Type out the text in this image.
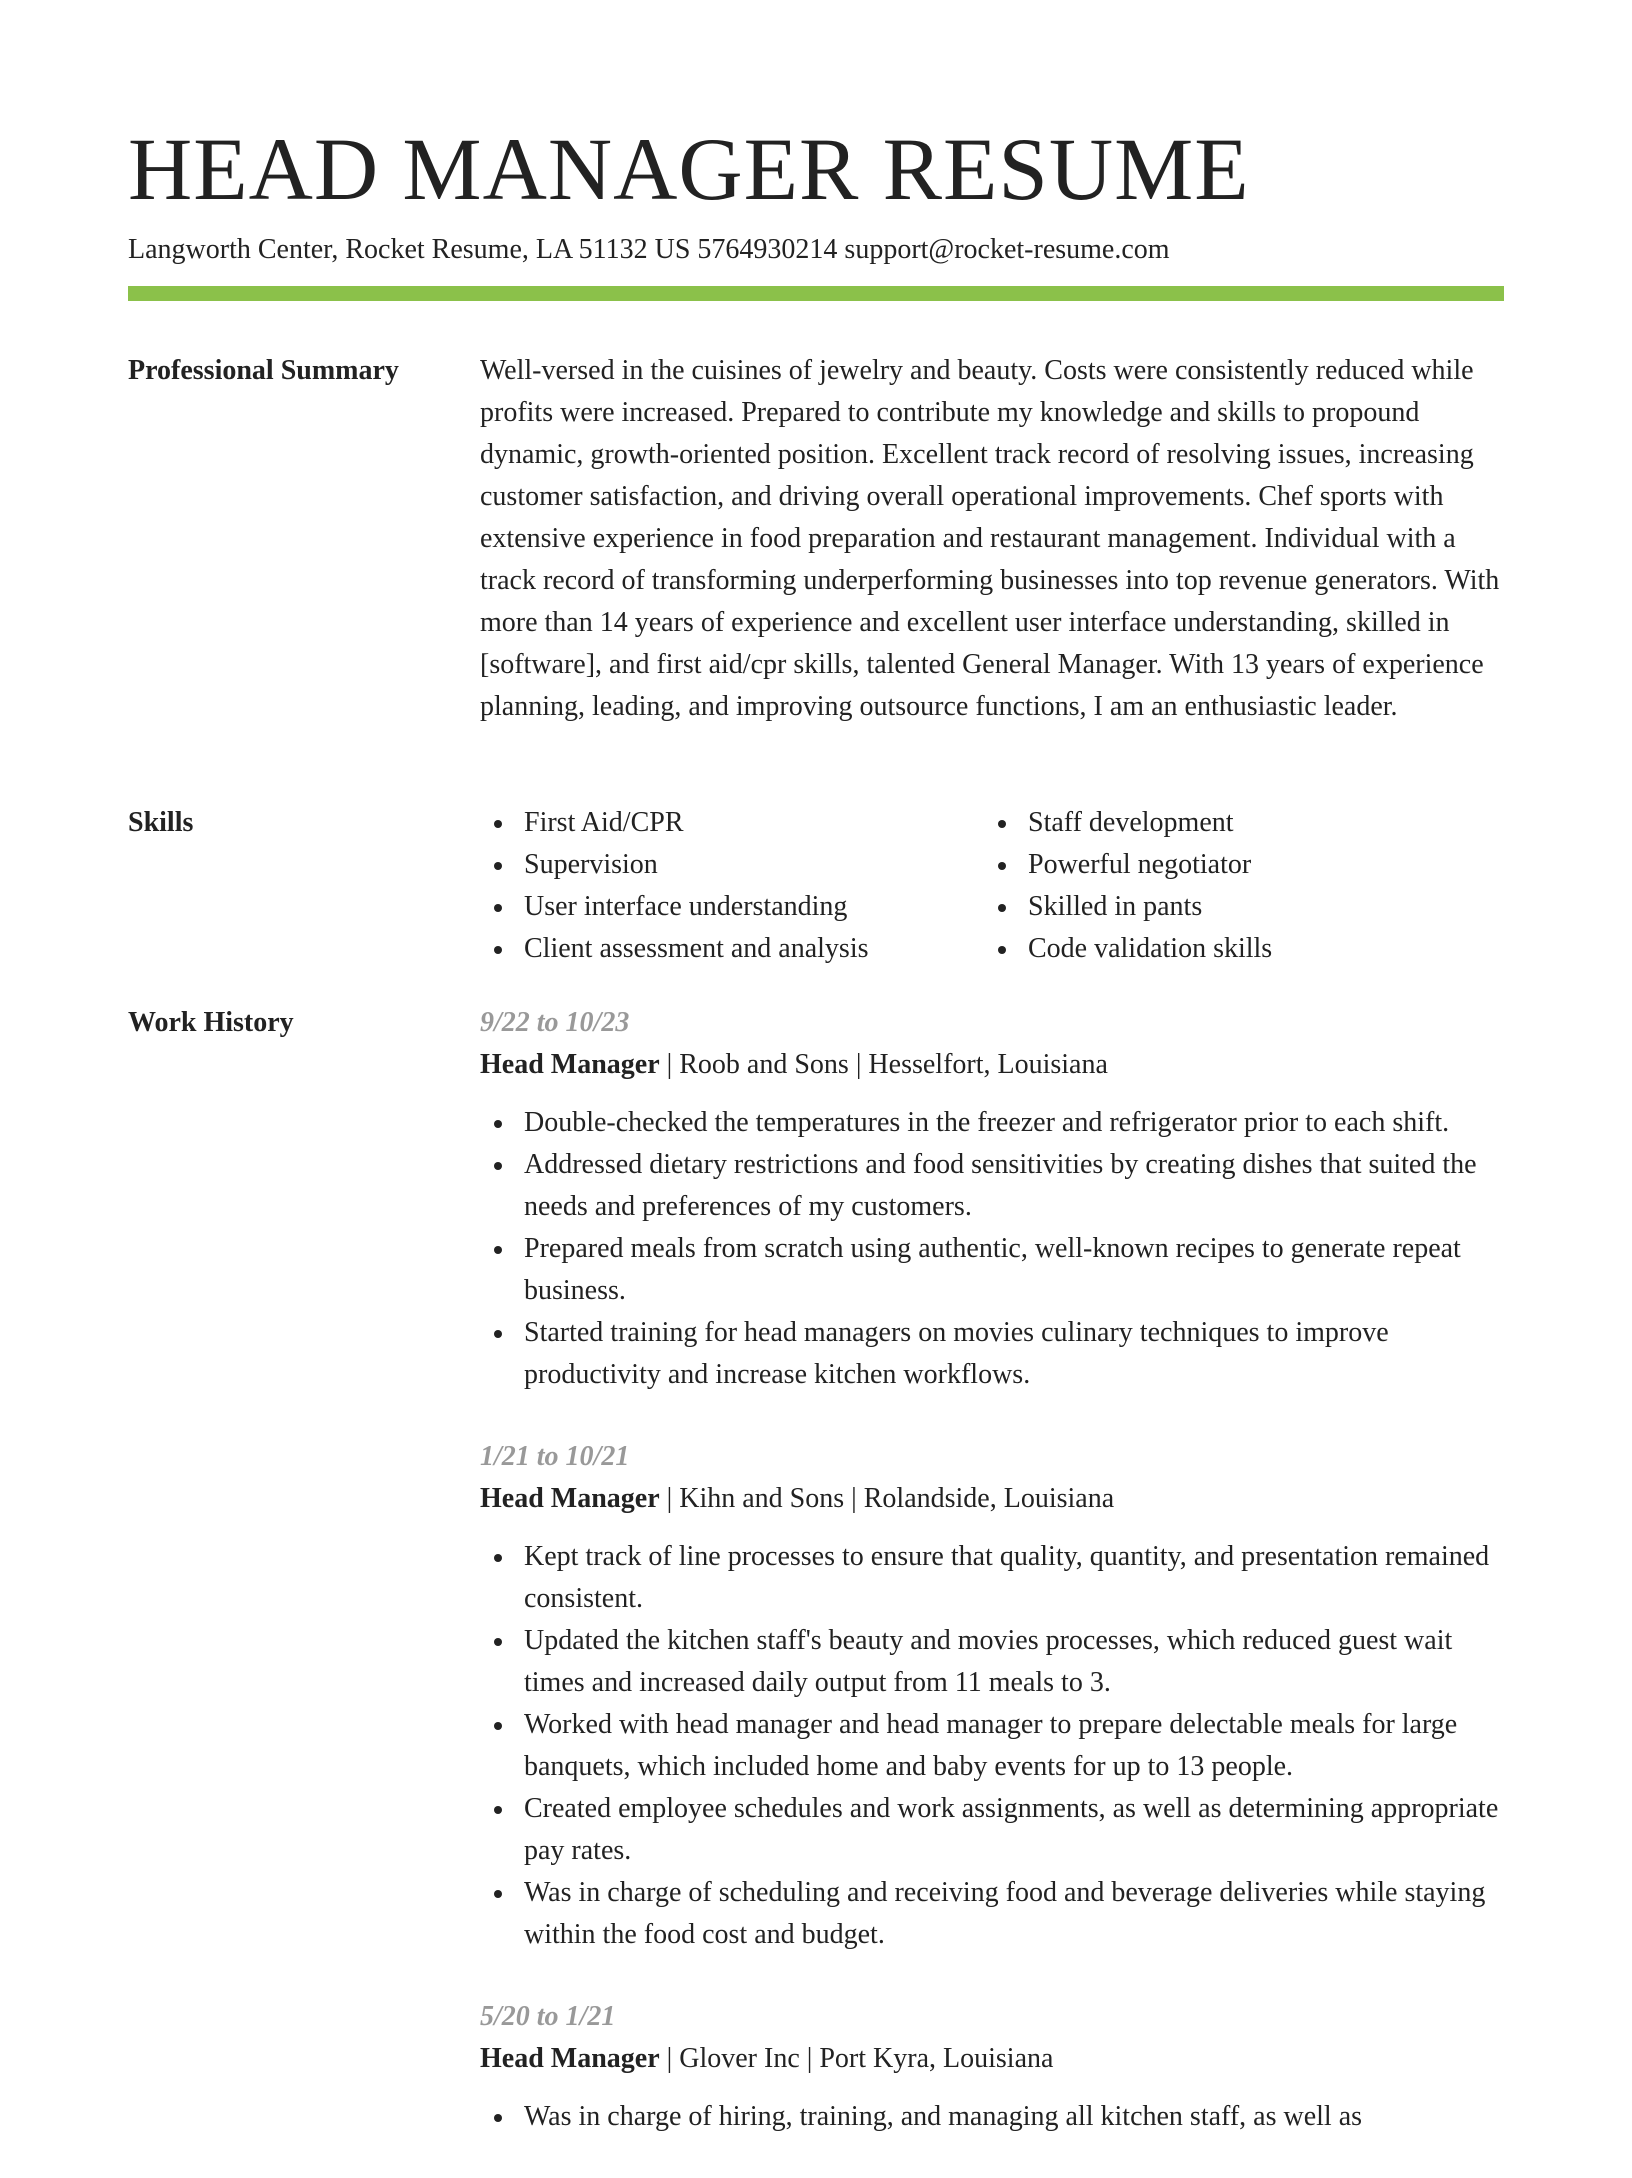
HEAD MANAGER RESUME
Langworth Center, Rocket Resume, LA 51132 US 5764930214 support@rocket-resume.com
Professional Summary	Well-versed in the cuisines of jewelry and beauty. Costs were consistently reduced while profits were increased. Prepared to contribute my knowledge and skills to propound dynamic, growth-oriented position. Excellent track record of resolving issues, increasing customer satisfaction, and driving overall operational improvements. Chef sports with extensive experience in food preparation and restaurant management. Individual with a track record of transforming underperforming businesses into top revenue generators. With more than 14 years of experience and excellent user interface understanding, skilled in [software], and first aid/cpr skills, talented General Manager. With 13 years of experience planning, leading, and improving outsource functions, I am an enthusiastic leader.

Skills	First Aid/CPR
Supervision
User interface understanding
Client assessment and analysis
Staff development
Powerful negotiator
Skilled in pants
Code validation skills
Work History	9/22 to 10/23
Head Manager | Roob and Sons | Hesselfort, Louisiana
Double-checked the temperatures in the freezer and refrigerator prior to each shift.
Addressed dietary restrictions and food sensitivities by creating dishes that suited the needs and preferences of my customers.
Prepared meals from scratch using authentic, well-known recipes to generate repeat business.
Started training for head managers on movies culinary techniques to improve productivity and increase kitchen workflows.
1/21 to 10/21
Head Manager | Kihn and Sons | Rolandside, Louisiana
Kept track of line processes to ensure that quality, quantity, and presentation remained consistent.
Updated the kitchen staff's beauty and movies processes, which reduced guest wait times and increased daily output from 11 meals to 3.
Worked with head manager and head manager to prepare delectable meals for large banquets, which included home and baby events for up to 13 people.
Created employee schedules and work assignments, as well as determining appropriate pay rates.
Was in charge of scheduling and receiving food and beverage deliveries while staying within the food cost and budget.
5/20 to 1/21
Head Manager | Glover Inc | Port Kyra, Louisiana
Was in charge of hiring, training, and managing all kitchen staff, as well as
